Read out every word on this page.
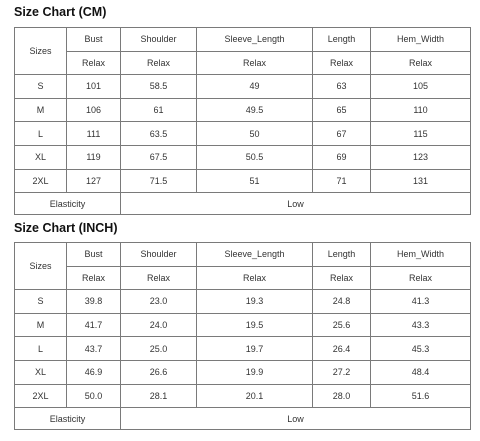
Size Chart (CM)
Sizes	Bust	Shoulder	Sleeve_Length	Length	Hem_Width
	Relax	Relax	Relax	Relax	Relax
S	101	58.5	49	63	105
M	106	61	49.5	65	110
L	111	63.5	50	67	115
XL	119	67.5	50.5	69	123
2XL	127	71.5	51	71	131
Elasticity		Low			
Size Chart (INCH)
Sizes	Bust	Shoulder	Sleeve_Length	Length	Hem_Width
	Relax	Relax	Relax	Relax	Relax
S	39.8	23.0	19.3	24.8	41.3
M	41.7	24.0	19.5	25.6	43.3
L	43.7	25.0	19.7	26.4	45.3
XL	46.9	26.6	19.9	27.2	48.4
2XL	50.0	28.1	20.1	28.0	51.6
Elasticity		Low			
